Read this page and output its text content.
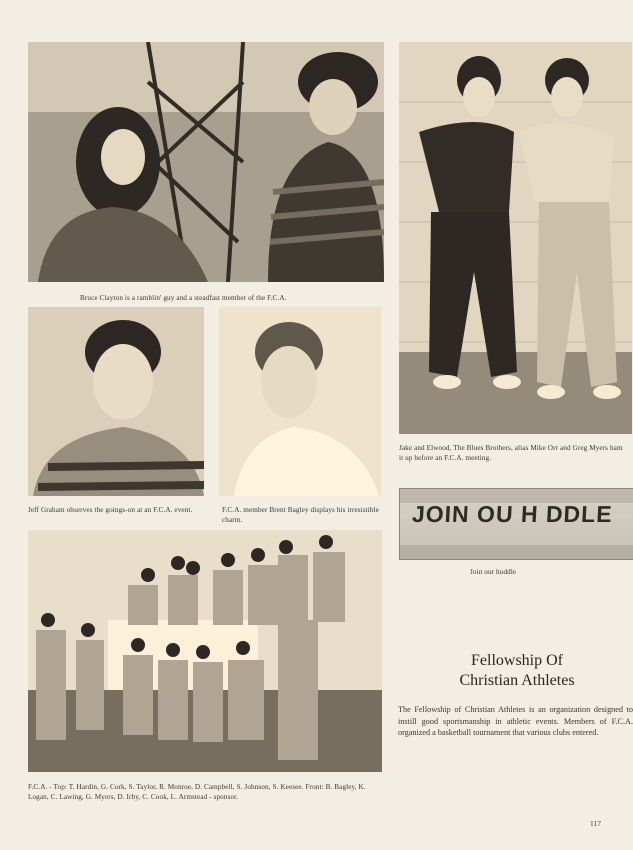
Bruce Clayton is a ramblin' guy and a steadfast member of the F.C.A.
Jake and Elwood, The Blues Brothers, alias Mike Orr and Greg Myers ham it up before an F.C.A. meeting.
Jeff Graham observes the goings-on at an F.C.A. event.	F.C.A. member Brent Bagley displays his irresistible charm.	JOIN OU H DDLE
Join our huddle
F.C.A. - Top: T. Hardin, G. Cork, S. Taylor, R. Monroe, D. Campbell, S. Johnson, S. Keesee. Front: B. Bagley, K. Logan, C. Lawing, G. Myers, D. Irby, C. Cook, L. Armstead - sponsor.
Fellowship Of
Christian Athletes
The Fellowship of Christian Athletes is an organization designed to instill good sportsmanship in athletic events. Members of F.C.A. organized a basketball tournament that various clubs entered.
117
